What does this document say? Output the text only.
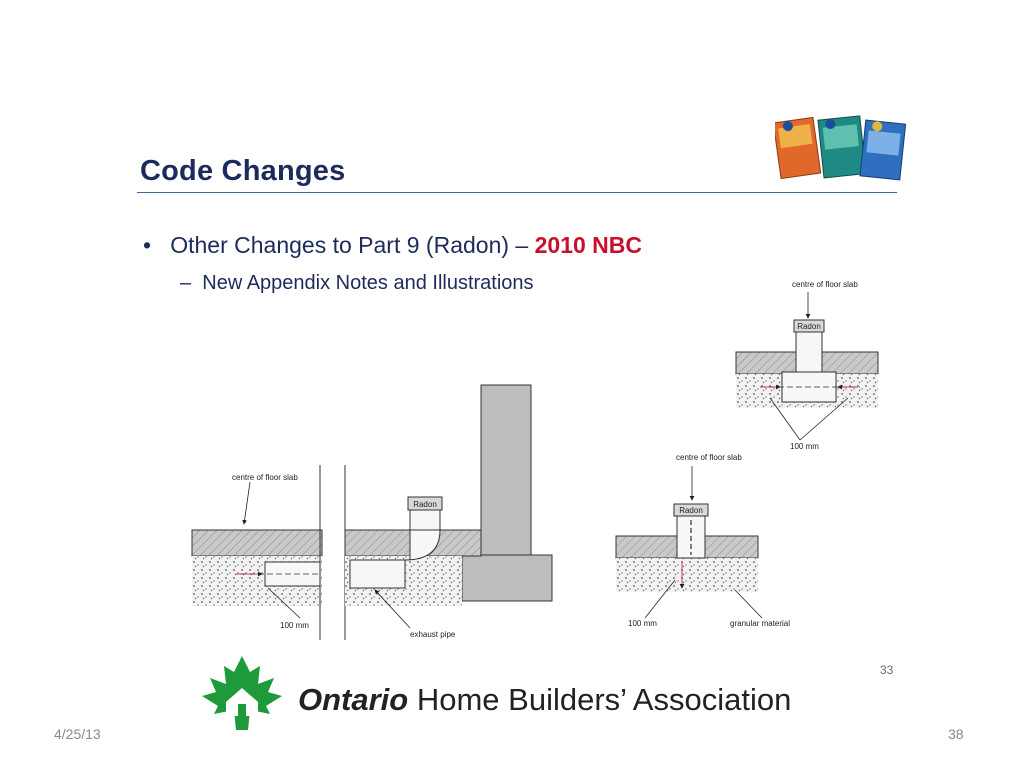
Code Changes
•   Other Changes to Part 9 (Radon) – 2010 NBC
–  New Appendix Notes and Illustrations
Radon
centre of floor slab
100 mm
exhaust pipe
centre of floor slab
Radon
100 mm
centre of floor slab
Radon
100 mm	granular material
33
Ontario Home Builders’ Association
4/25/13	38
